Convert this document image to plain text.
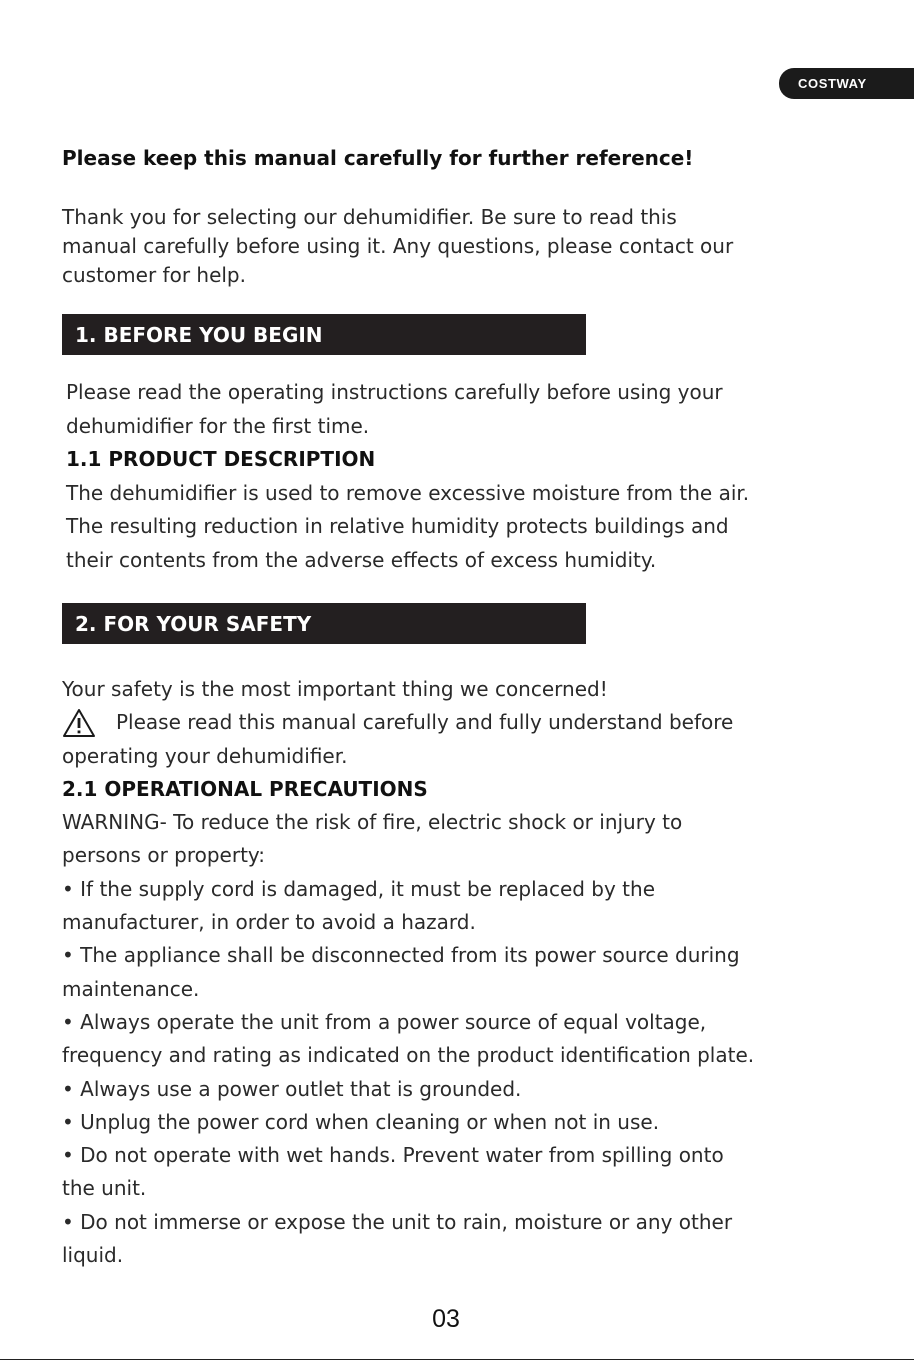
COSTWAY
Please keep this manual carefully for further reference!

Thank you for selecting our dehumidifier. Be sure to read this
manual carefully before using it. Any questions, please contact our
customer for help.

1. BEFORE YOU BEGIN
Please read the operating instructions carefully before using your
dehumidifier for the first time.
1.1 PRODUCT DESCRIPTION
The dehumidifier is used to remove excessive moisture from the air.
The resulting reduction in relative humidity protects buildings and
their contents from the adverse effects of excess humidity.
2. FOR YOUR SAFETY
Your safety is the most important thing we concerned!
Please read this manual carefully and fully understand before
operating your dehumidifier.
2.1 OPERATIONAL PRECAUTIONS
WARNING- To reduce the risk of fire, electric shock or injury to
persons or property:
• If the supply cord is damaged, it must be replaced by the
manufacturer, in order to avoid a hazard.
• The appliance shall be disconnected from its power source during
maintenance.
• Always operate the unit from a power source of equal voltage,
frequency and rating as indicated on the product identification plate.
• Always use a power outlet that is grounded.
• Unplug the power cord when cleaning or when not in use.
• Do not operate with wet hands. Prevent water from spilling onto
the unit.
• Do not immerse or expose the unit to rain, moisture or any other
liquid.
03
